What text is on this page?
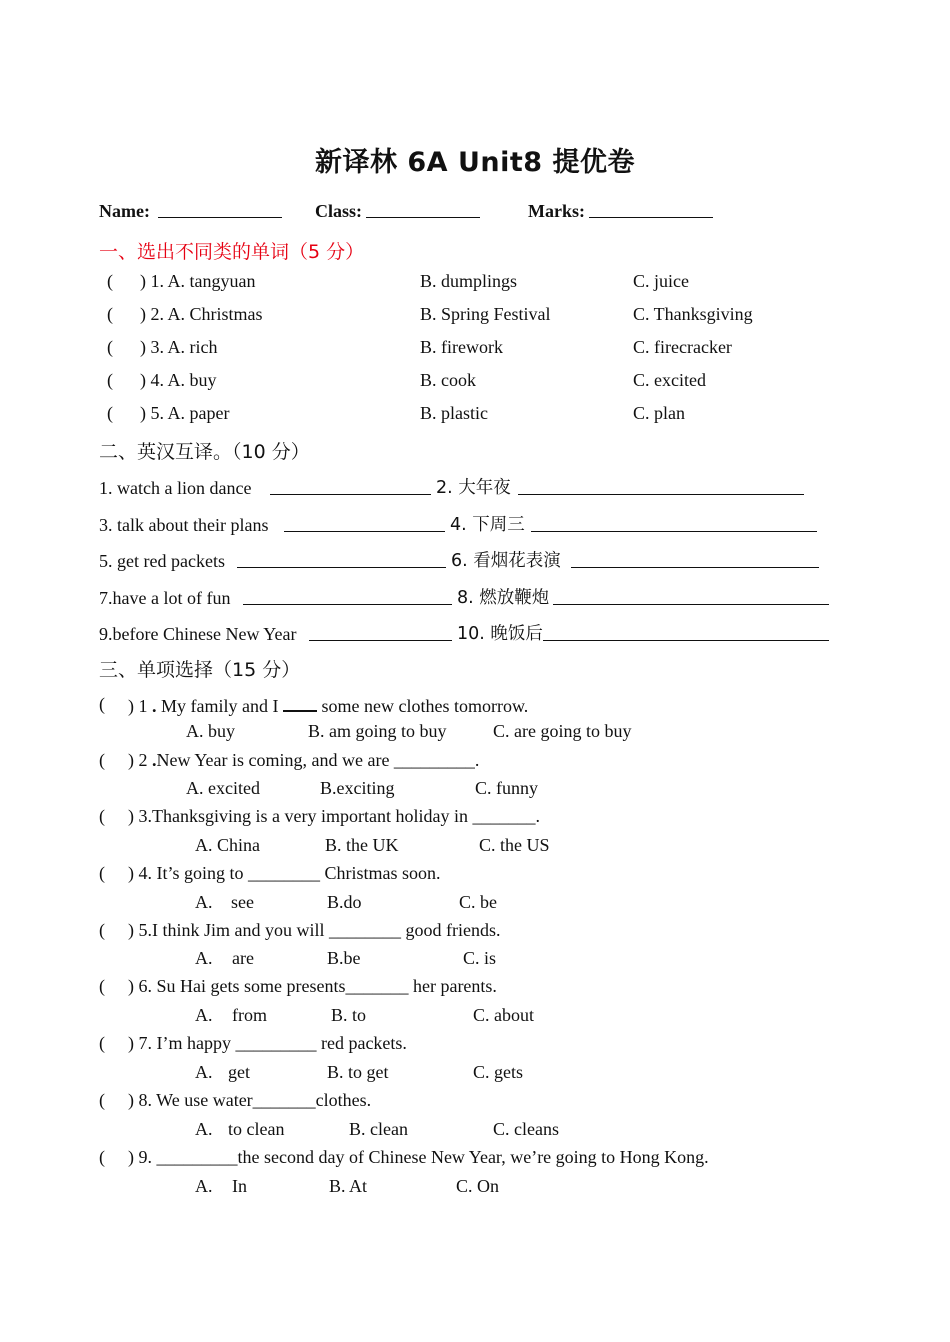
新译林 6A Unit8 提优卷
Name:	Class:	Marks:
一、选出不同类的单词（5 分）
( ) 1. A. tangyuan	B. dumplings	C. juice
( ) 2. A. Christmas	B. Spring Festival	C. Thanksgiving
( ) 3. A. rich	B. firework	C. firecracker
( ) 4. A. buy	B. cook	C. excited
( ) 5. A. paper	B. plastic	C. plan
二、英汉互译。（10 分）
1. watch a lion dance	2. 大年夜
3. talk about their plans	4. 下周三
5. get red packets	6. 看烟花表演
7.have a lot of fun	8. 燃放鞭炮
9.before Chinese New Year	10. 晚饭后
三、单项选择（15 分）
( ) 1 . My family and I  some new clothes tomorrow.
A. buy	B. am going to buy	C. are going to buy
( ) 2 .New Year is coming, and we are _________.
A. excited	B.exciting	C. funny
( ) 3.Thanksgiving is a very important holiday in _______.
A. China	B. the UK	C. the US
( ) 4. It’s going to ________ Christmas soon.
A. see	B.do	C. be
( ) 5.I think Jim and you will ________ good friends.
A. are	B.be	C. is
( ) 6. Su Hai gets some presents_______ her parents.
A. from	B. to	C. about
( ) 7. I’m happy _________ red packets.
A. get	B. to get	C. gets
( ) 8. We use water_______clothes.
A. to clean	B. clean	C. cleans
( ) 9. _________the second day of Chinese New Year, we’re going to Hong Kong.
A. In	B. At	C. On
